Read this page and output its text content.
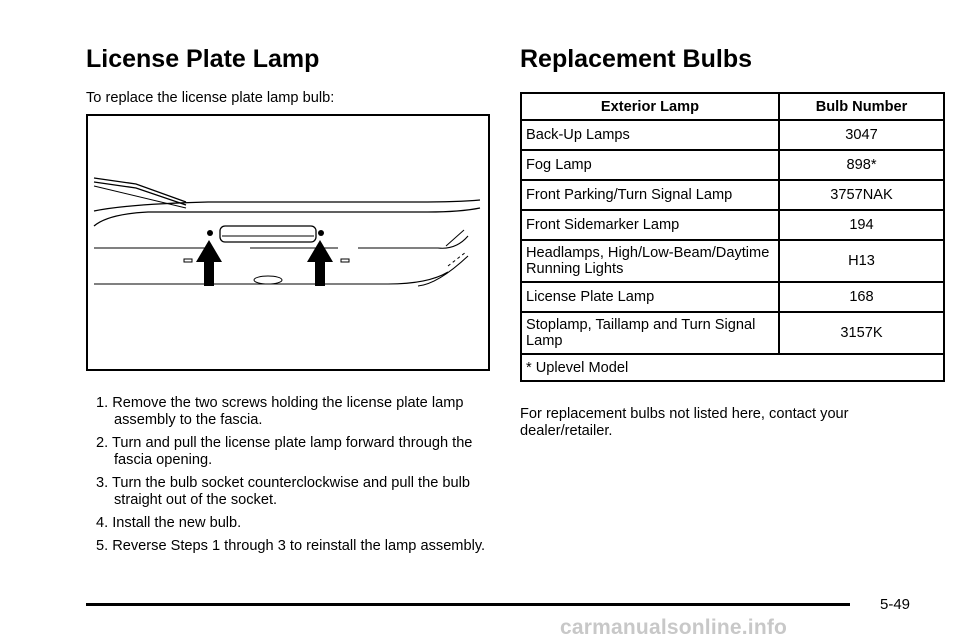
License Plate Lamp

To replace the license plate lamp bulb:

1. Remove the two screws holding the license plate lamp assembly to the fascia.
2. Turn and pull the license plate lamp forward through the fascia opening.
3. Turn the bulb socket counterclockwise and pull the bulb straight out of the socket.
4. Install the new bulb.
5. Reverse Steps 1 through 3 to reinstall the lamp assembly.
Replacement Bulbs
Exterior Lamp	Bulb Number
Back-Up Lamps	3047
Fog Lamp	898*
Front Parking/Turn Signal Lamp	3757NAK
Front Sidemarker Lamp	194
Headlamps, High/Low-Beam/Daytime Running Lights	H13
License Plate Lamp	168
Stoplamp, Taillamp and Turn Signal Lamp	3157K
* Uplevel Model	
For replacement bulbs not listed here, contact your dealer/retailer.
5-49
carmanualsonline.info
